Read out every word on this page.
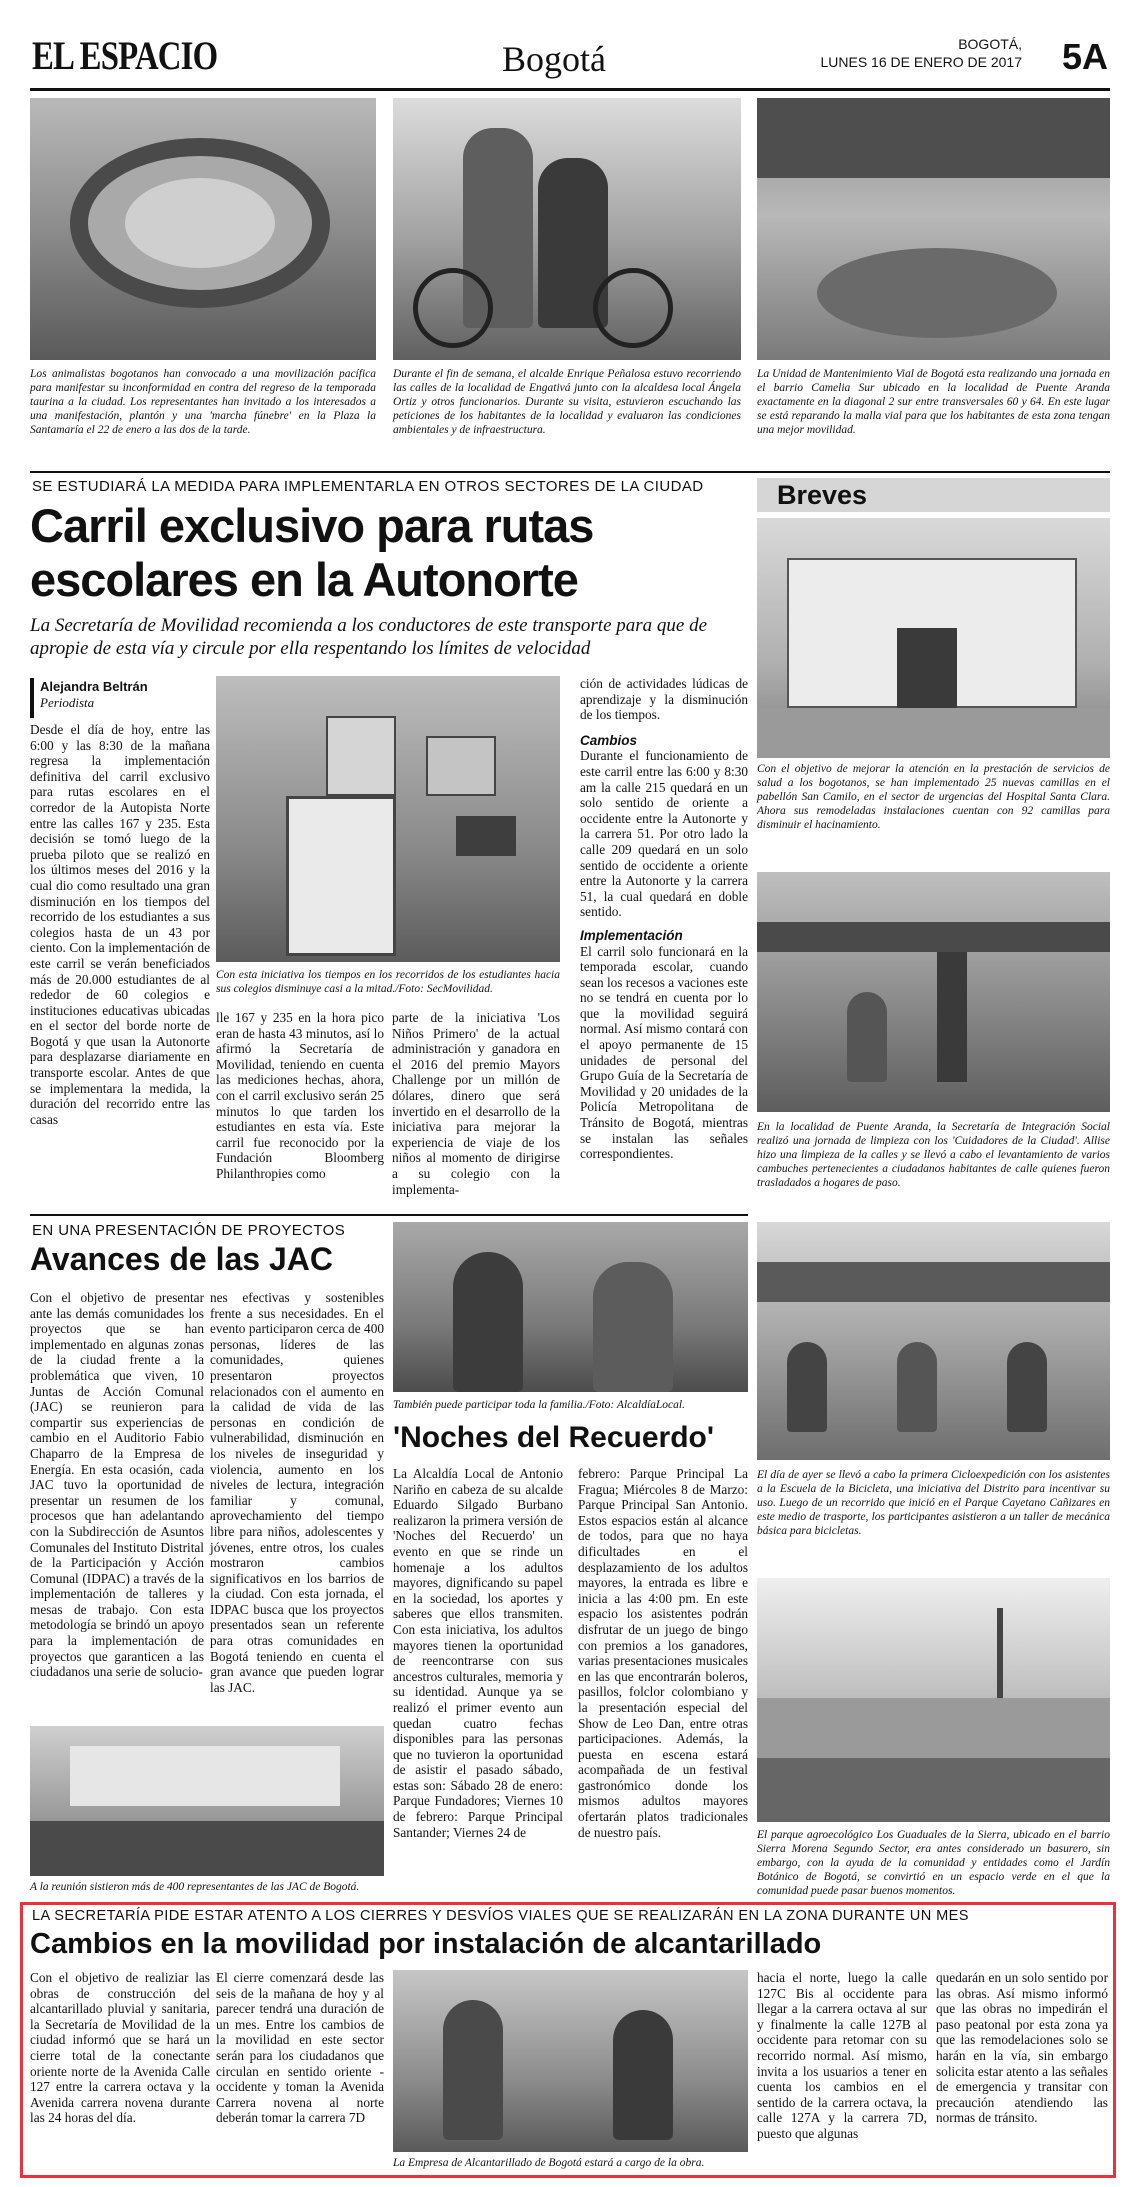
EL ESPACIO	Bogotá	BOGOTÁ,
LUNES 16 DE ENERO DE 2017 5A
Los animalistas bogotanos han convocado a una movilización pacífica para manifestar su inconformidad en contra del regreso de la temporada taurina a la ciudad. Los representantes han invitado a los interesados a una manifestación, plantón y una 'marcha fúnebre' en la Plaza la Santamaría el 22 de enero a las dos de la tarde.
Durante el fin de semana, el alcalde Enrique Peñalosa estuvo recorriendo las calles de la localidad de Engativá junto con la alcaldesa local Ángela Ortiz y otros funcionarios. Durante su visita, estuvieron escuchando las peticiones de los habitantes de la localidad y evaluaron las condiciones ambientales y de infraestructura.
La Unidad de Mantenimiento Vial de Bogotá esta realizando una jornada en el barrio Camelia Sur ubicado en la localidad de Puente Aranda exactamente en la diagonal 2 sur entre transversales 60 y 64. En este lugar se está reparando la malla vial para que los habitantes de esta zona tengan una mejor movilidad.
SE ESTUDIARÁ LA MEDIDA PARA IMPLEMENTARLA EN OTROS SECTORES DE LA CIUDAD
Carril exclusivo para rutas
escolares en la Autonorte
La Secretaría de Movilidad recomienda a los conductores de este transporte para que de apropie de esta vía y circule por ella respentando los límites de velocidad
Alejandra Beltrán
Periodista
Desde el día de hoy, entre las 6:00 y las 8:30 de la mañana regresa la implementación definitiva del carril exclusivo para rutas escolares en el corredor de la Autopista Norte entre las calles 167 y 235. Esta decisión se tomó luego de la prueba piloto que se realizó en los últimos meses del 2016 y la cual dio como resultado una gran disminución en los tiempos del recorrido de los estudiantes a sus colegios hasta de un 43 por ciento. Con la implementación de este carril se verán beneficiados más de 20.000 estudiantes de al rededor de 60 colegios e instituciones educativas ubicadas en el sector del borde norte de Bogotá y que usan la Autonorte para desplazarse diariamente en transporte escolar. Antes de que se implementara la medida, la duración del recorrido entre las casas
Con esta iniciativa los tiempos en los recorridos de los estudiantes hacia sus colegios disminuye casi a la mitad./Foto: SecMovilidad.
lle 167 y 235 en la hora pico eran de hasta 43 minutos, así lo afirmó la Secretaría de Movilidad, teniendo en cuenta las mediciones hechas, ahora, con el carril exclusivo serán 25 minutos lo que tarden los estudiantes en esta vía. Este carril fue reconocido por la Fundación Bloomberg Philanthropies como
parte de la iniciativa 'Los Niños Primero' de la actual administración y ganadora en el 2016 del premio Mayors Challenge por un millón de dólares, dinero que será invertido en el desarrollo de la iniciativa para mejorar la experiencia de viaje de los niños al momento de dirigirse a su colegio con la implementa-
ción de actividades lúdicas de aprendizaje y la disminución de los tiempos.
Cambios
Durante el funcionamiento de este carril entre las 6:00 y 8:30 am la calle 215 quedará en un solo sentido de oriente a occidente entre la Autonorte y la carrera 51. Por otro lado la calle 209 quedará en un solo sentido de occidente a oriente entre la Autonorte y la carrera 51, la cual quedará en doble sentido.
Implementación
El carril solo funcionará en la temporada escolar, cuando sean los recesos a vaciones este no se tendrá en cuenta por lo que la movilidad seguirá normal. Así mismo contará con el apoyo permanente de 15 unidades de personal del Grupo Guía de la Secretaría de Movilidad y 20 unidades de la Policía Metropolitana de Tránsito de Bogotá, mientras se instalan las señales correspondientes.
Breves
Con el objetivo de mejorar la atención en la prestación de servicios de salud a los bogotanos, se han implementado 25 nuevas camillas en el pabellón San Camilo, en el sector de urgencias del Hospital Santa Clara. Ahora sus remodeladas instalaciones cuentan con 92 camillas para disminuir el hacinamiento.
En la localidad de Puente Aranda, la Secretaría de Integración Social realizó una jornada de limpieza con los 'Cuidadores de la Ciudad'. Allise hizo una limpieza de la calles y se llevó a cabo el levantamiento de varios cambuches pertenecientes a ciudadanos habitantes de calle quienes fueron trasladados a hogares de paso.
EN UNA PRESENTACIÓN DE PROYECTOS
Avances de las JAC
Con el objetivo de presentar ante las demás comunidades los proyectos que se han implementado en algunas zonas de la ciudad frente a la problemática que viven, 10 Juntas de Acción Comunal (JAC) se reunieron para compartir sus experiencias de cambio en el Auditorio Fabio Chaparro de la Empresa de Energía. En esta ocasión, cada JAC tuvo la oportunidad de presentar un resumen de los procesos que han adelantando con la Subdirección de Asuntos Comunales del Instituto Distrital de la Participación y Acción Comunal (IDPAC) a través de la implementación de talleres y mesas de trabajo. Con esta metodología se brindó un apoyo para la implementación de proyectos que garanticen a las ciudadanos una serie de solucio-
nes efectivas y sostenibles frente a sus necesidades. En el evento participaron cerca de 400 personas, líderes de las comunidades, quienes presentaron proyectos relacionados con el aumento en la calidad de vida de las personas en condición de vulnerabilidad, disminución en los niveles de inseguridad y violencia, aumento en los niveles de lectura, integración familiar y comunal, aprovechamiento del tiempo libre para niños, adolescentes y jóvenes, entre otros, los cuales mostraron cambios significativos en los barrios de la ciudad. Con esta jornada, el IDPAC busca que los proyectos presentados sean un referente para otras comunidades en Bogotá teniendo en cuenta el gran avance que pueden lograr las JAC.
A la reunión sistieron más de 400 representantes de las JAC de Bogotá.
También puede participar toda la familia./Foto: AlcaldíaLocal.
'Noches del Recuerdo'
La Alcaldía Local de Antonio Nariño en cabeza de su alcalde Eduardo Silgado Burbano realizaron la primera versión de 'Noches del Recuerdo' un evento en que se rinde un homenaje a los adultos mayores, dignificando su papel en la sociedad, los aportes y saberes que ellos transmiten. Con esta iniciativa, los adultos mayores tienen la oportunidad de reencontrarse con sus ancestros culturales, memoria y su identidad. Aunque ya se realizó el primer evento aun quedan cuatro fechas disponibles para las personas que no tuvieron la oportunidad de asistir el pasado sábado, estas son: Sábado 28 de enero: Parque Fundadores; Viernes 10 de febrero: Parque Principal Santander; Viernes 24 de
febrero: Parque Principal La Fragua; Miércoles 8 de Marzo: Parque Principal San Antonio. Estos espacios están al alcance de todos, para que no haya dificultades en el desplazamiento de los adultos mayores, la entrada es libre e inicia a las 4:00 pm. En este espacio los asistentes podrán disfrutar de un juego de bingo con premios a los ganadores, varias presentaciones musicales en las que encontrarán boleros, pasillos, folclor colombiano y la presentación especial del Show de Leo Dan, entre otras participaciones. Además, la puesta en escena estará acompañada de un festival gastronómico donde los mismos adultos mayores ofertarán platos tradicionales de nuestro país.
El día de ayer se llevó a cabo la primera Cicloexpedición con los asistentes a la Escuela de la Bicicleta, una iniciativa del Distrito para incentivar su uso. Luego de un recorrido que inició en el Parque Cayetano Cañizares en este medio de trasporte, los participantes asistieron a un taller de mecánica básica para bicicletas.
El parque agroecológico Los Guaduales de la Sierra, ubicado en el barrio Sierra Morena Segundo Sector, era antes considerado un basurero, sin embargo, con la ayuda de la comunidad y entidades como el Jardín Botánico de Bogotá, se convirtió en un espacio verde en el que la comunidad puede pasar buenos momentos.
LA SECRETARÍA PIDE ESTAR ATENTO A LOS CIERRES Y DESVÍOS VIALES QUE SE REALIZARÁN EN LA ZONA DURANTE UN MES
Cambios en la movilidad por instalación de alcantarillado
Con el objetivo de realiziar las obras de construcción del alcantarillado pluvial y sanitaria, la Secretaría de Movilidad de la ciudad informó que se hará un cierre total de la conectante oriente norte de la Avenida Calle 127 entre la carrera octava y la Avenida carrera novena durante las 24 horas del día.
El cierre comenzará desde las seis de la mañana de hoy y al parecer tendrá una duración de un mes. Entre los cambios de la movilidad en este sector serán para los ciudadanos que circulan en sentido oriente - occidente y toman la Avenida Carrera novena al norte deberán tomar la carrera 7D
La Empresa de Alcantarillado de Bogotá estará a cargo de la obra.
hacia el norte, luego la calle 127C Bis al occidente para llegar a la carrera octava al sur y finalmente la calle 127B al occidente para retomar con su recorrido normal. Así mismo, invita a los usuarios a tener en cuenta los cambios en el sentido de la carrera octava, la calle 127A y la carrera 7D, puesto que algunas
quedarán en un solo sentido por las obras. Así mismo informó que las obras no impedirán el paso peatonal por esta zona ya que las remodelaciones solo se harán en la vía, sin embargo solicita estar atento a las señales de emergencia y transitar con precaución atendiendo las normas de tránsito.
